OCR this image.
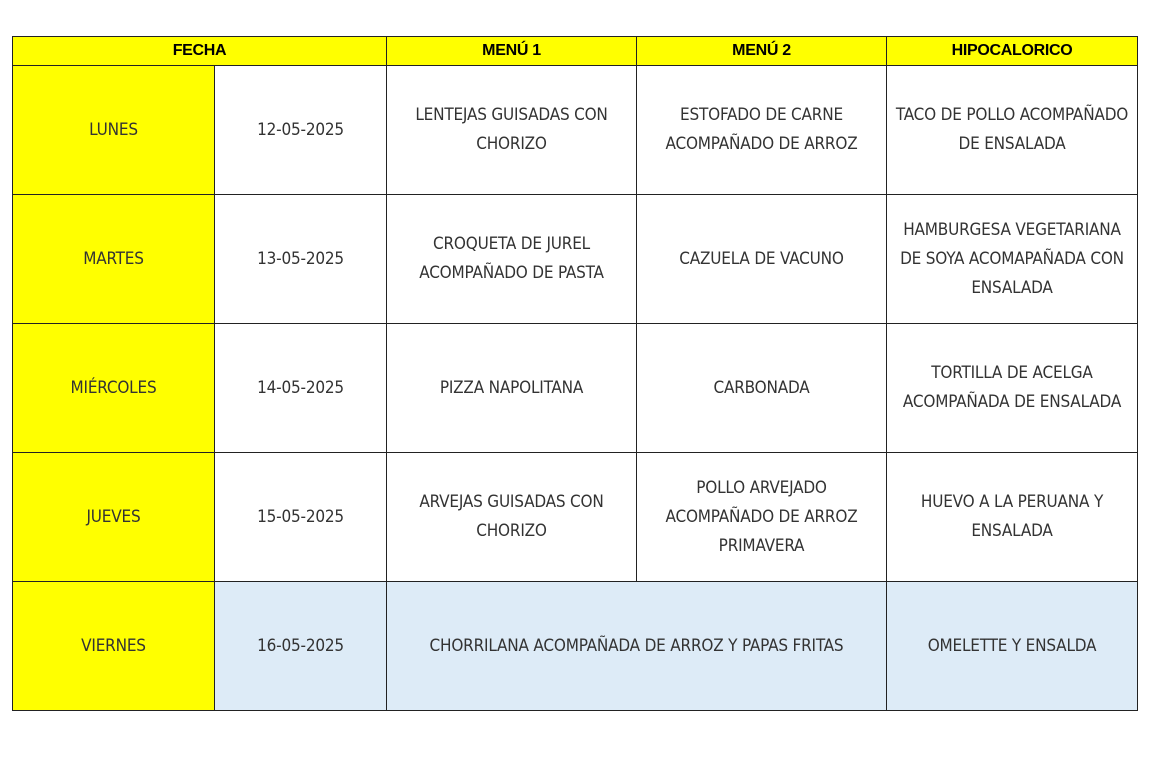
FECHA		MENÚ 1	MENÚ 2	HIPOCALORICO
LUNES	12-05-2025	LENTEJAS GUISADAS CON CHORIZO	ESTOFADO DE CARNE ACOMPAÑADO DE ARROZ	TACO DE POLLO ACOMPAÑADO DE ENSALADA
MARTES	13-05-2025	CROQUETA DE JUREL ACOMPAÑADO DE PASTA	CAZUELA DE VACUNO	HAMBURGESA VEGETARIANA DE SOYA ACOMAPAÑADA CON ENSALADA
MIÉRCOLES	14-05-2025	PIZZA NAPOLITANA	CARBONADA	TORTILLA DE ACELGA ACOMPAÑADA DE ENSALADA
JUEVES	15-05-2025	ARVEJAS GUISADAS CON CHORIZO	POLLO ARVEJADO ACOMPAÑADO DE ARROZ PRIMAVERA	HUEVO A LA PERUANA Y ENSALADA
VIERNES	16-05-2025	CHORRILANA ACOMPAÑADA DE ARROZ Y PAPAS FRITAS		OMELETTE Y ENSALDA
